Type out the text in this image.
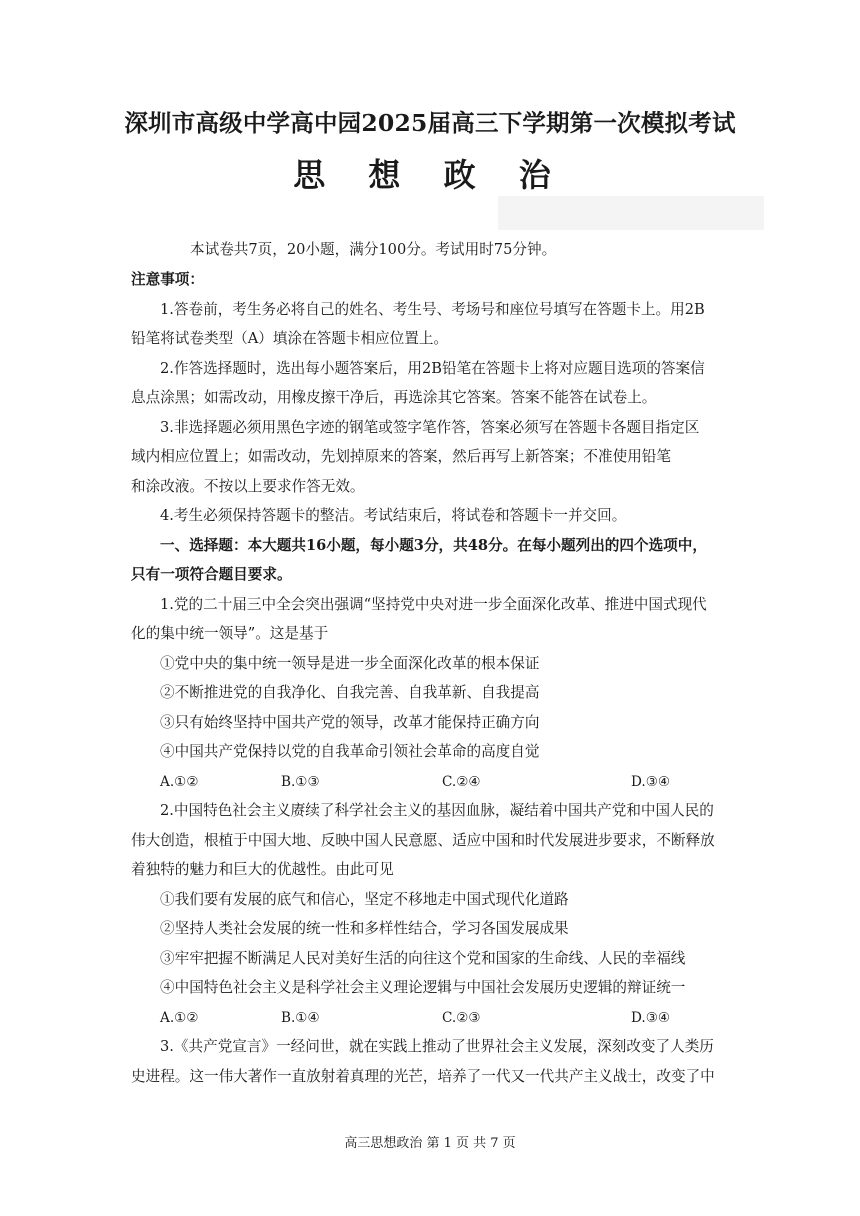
深圳市高级中学高中园2025届高三下学期第一次模拟考试
思 想 政 治
本试卷共7页，20小题，满分100分。考试用时75分钟。
注意事项：
1.答卷前，考生务必将自己的姓名、考生号、考场号和座位号填写在答题卡上。用2B
铅笔将试卷类型（A）填涂在答题卡相应位置上。
2.作答选择题时，选出每小题答案后，用2B铅笔在答题卡上将对应题目选项的答案信
息点涂黑；如需改动，用橡皮擦干净后，再选涂其它答案。答案不能答在试卷上。
3.非选择题必须用黑色字迹的钢笔或签字笔作答，答案必须写在答题卡各题目指定区
域内相应位置上；如需改动，先划掉原来的答案，然后再写上新答案；不准使用铅笔
和涂改液。不按以上要求作答无效。
4.考生必须保持答题卡的整洁。考试结束后，将试卷和答题卡一并交回。
一、选择题：本大题共16小题，每小题3分，共48分。在每小题列出的四个选项中，
只有一项符合题目要求。
1.党的二十届三中全会突出强调“坚持党中央对进一步全面深化改革、推进中国式现代
化的集中统一领导”。这是基于
①党中央的集中统一领导是进一步全面深化改革的根本保证
②不断推进党的自我净化、自我完善、自我革新、自我提高
③只有始终坚持中国共产党的领导，改革才能保持正确方向
④中国共产党保持以党的自我革命引领社会革命的高度自觉
A.①②	B.①③	C.②④	D.③④
2.中国特色社会主义赓续了科学社会主义的基因血脉，凝结着中国共产党和中国人民的
伟大创造，根植于中国大地、反映中国人民意愿、适应中国和时代发展进步要求，不断释放
着独特的魅力和巨大的优越性。由此可见
①我们要有发展的底气和信心，坚定不移地走中国式现代化道路
②坚持人类社会发展的统一性和多样性结合，学习各国发展成果
③牢牢把握不断满足人民对美好生活的向往这个党和国家的生命线、人民的幸福线
④中国特色社会主义是科学社会主义理论逻辑与中国社会发展历史逻辑的辩证统一
A.①②	B.①④	C.②③	D.③④
3.《共产党宣言》一经问世，就在实践上推动了世界社会主义发展，深刻改变了人类历
史进程。这一伟大著作一直放射着真理的光芒，培养了一代又一代共产主义战士，改变了中
高三思想政治 第 1 页 共 7 页
